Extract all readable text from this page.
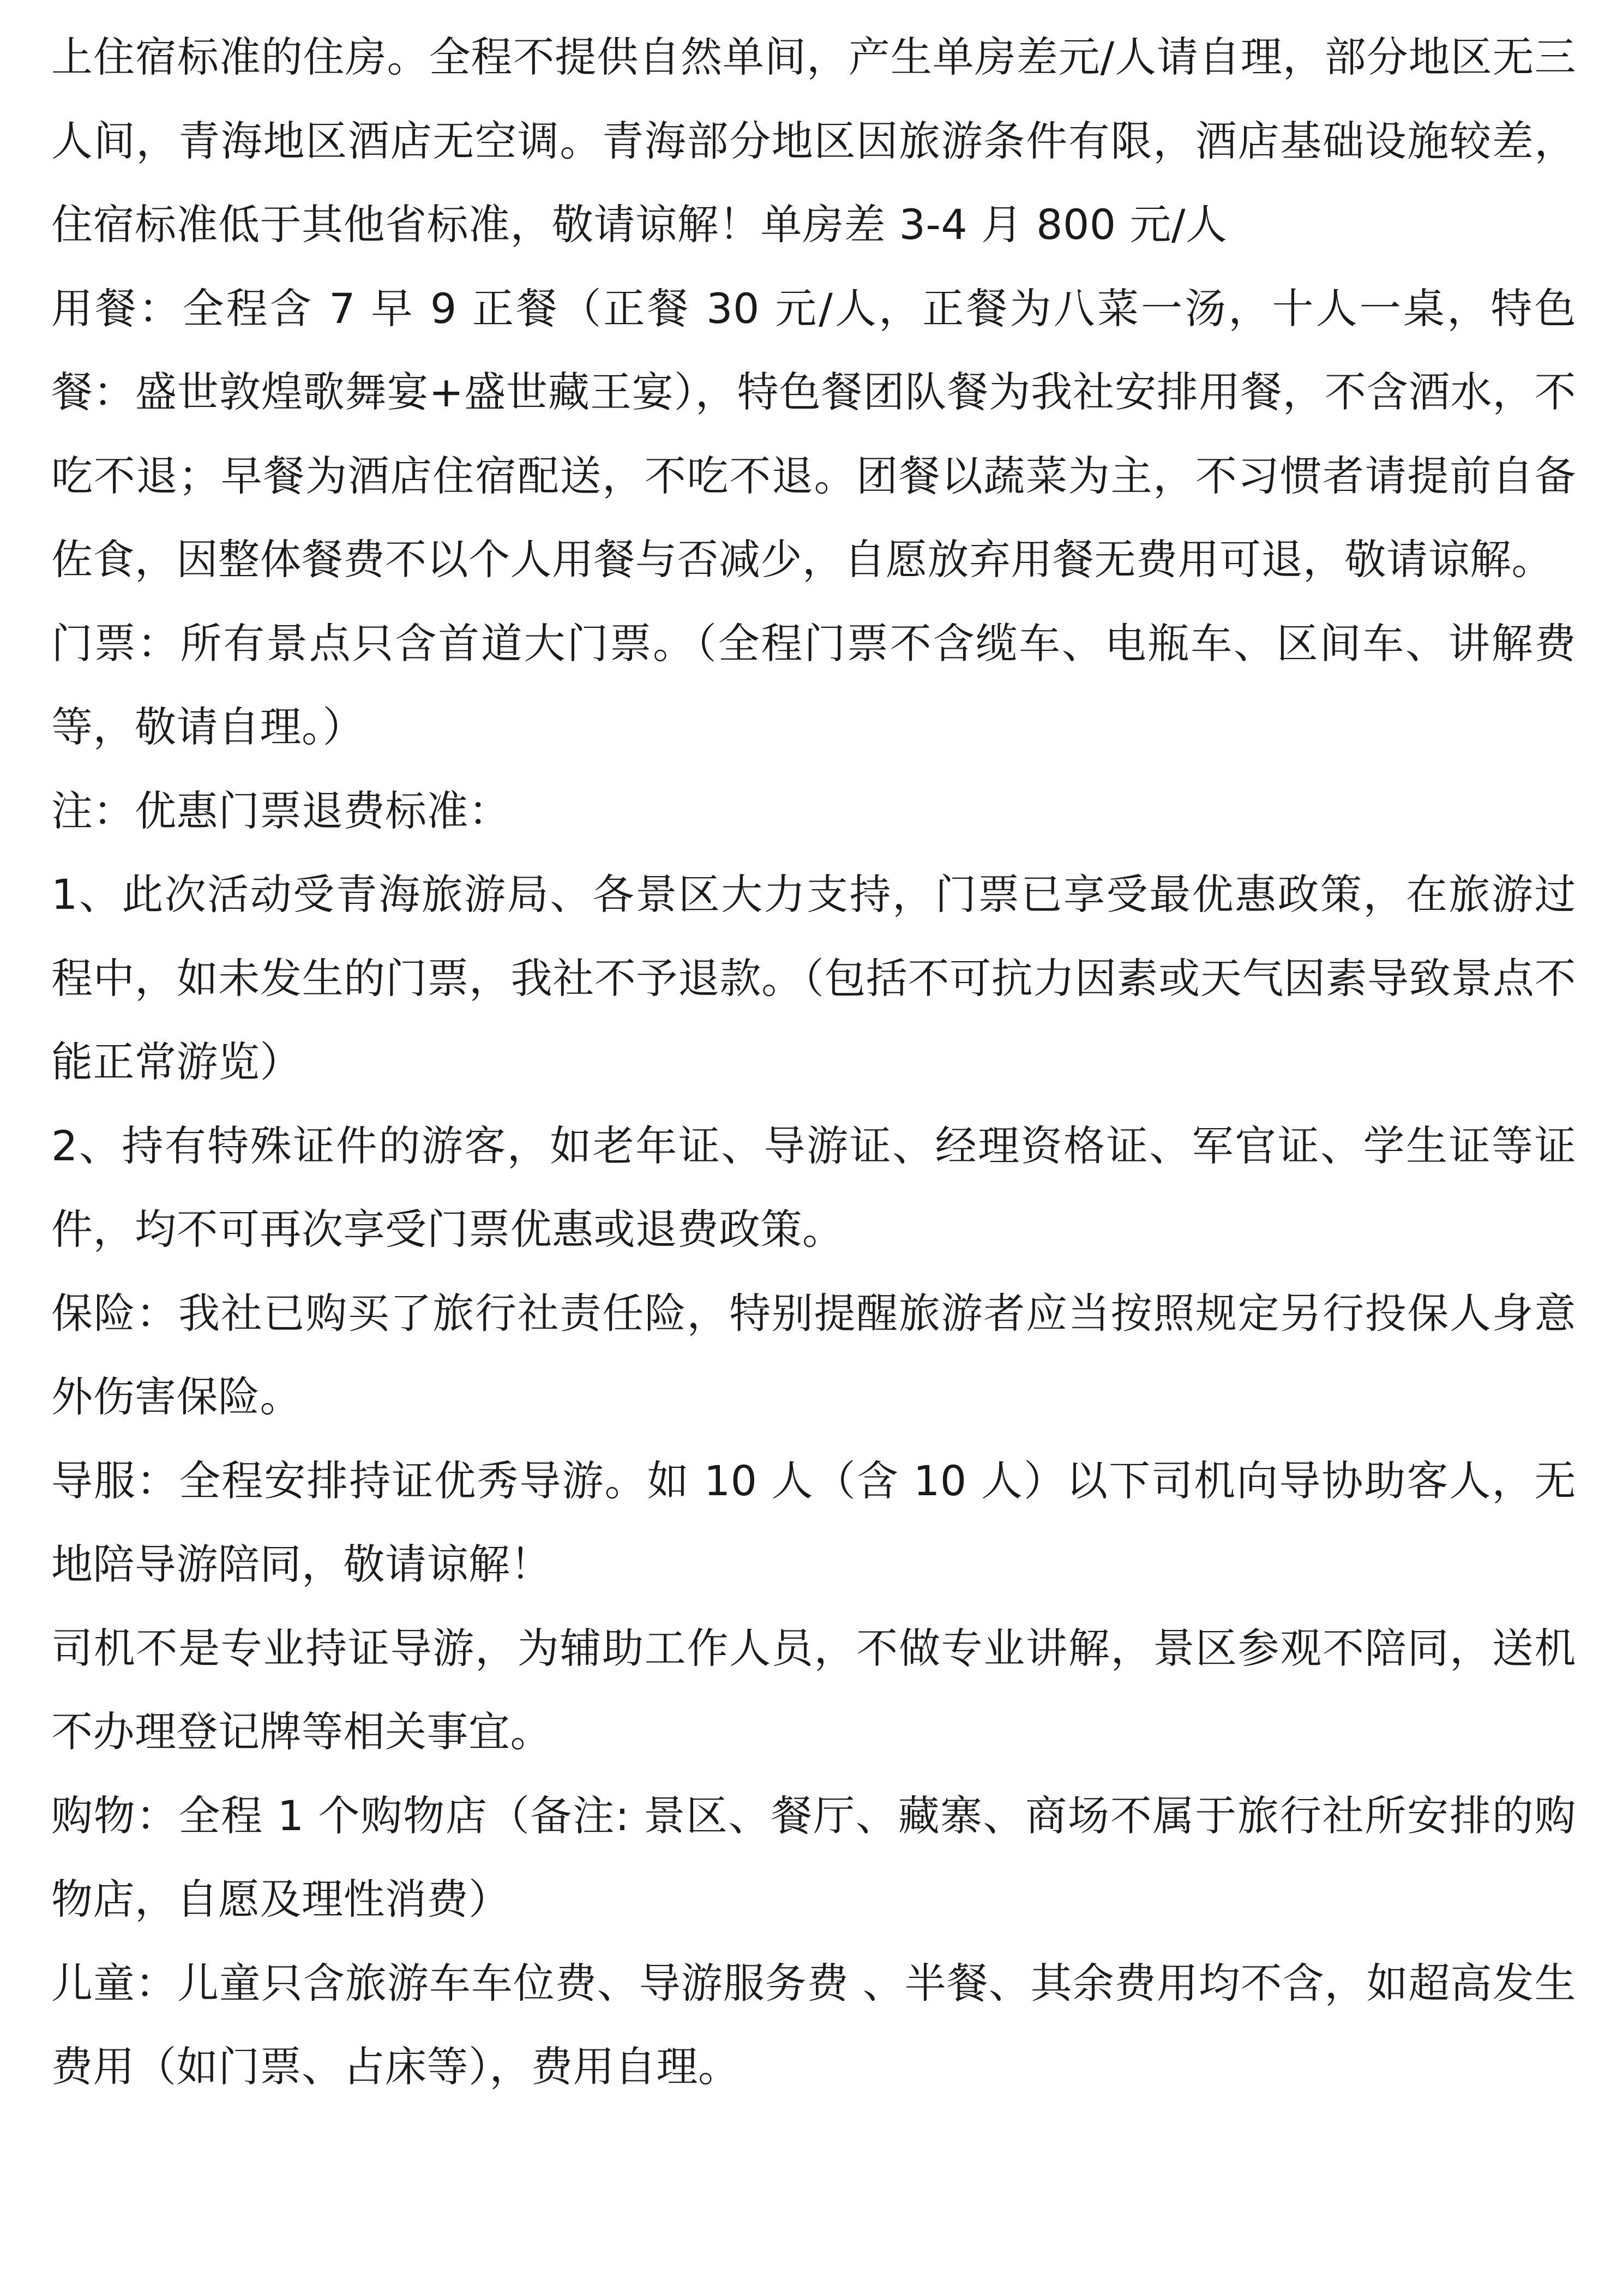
上住宿标准的住房。全程不提供自然单间，产生单房差元/人请自理，部分地区无三人间，青海地区酒店无空调。青海部分地区因旅游条件有限，酒店基础设施较差，住宿标准低于其他省标准，敬请谅解！单房差 3-4 月 800 元/人

用餐：全程含 7 早 9 正餐（正餐 30 元/人，正餐为八菜一汤，十人一桌，特色餐：盛世敦煌歌舞宴+盛世藏王宴），特色餐团队餐为我社安排用餐，不含酒水，不吃不退；早餐为酒店住宿配送，不吃不退。团餐以蔬菜为主，不习惯者请提前自备佐食，因整体餐费不以个人用餐与否减少，自愿放弃用餐无费用可退，敬请谅解。

门票：所有景点只含首道大门票。（全程门票不含缆车、电瓶车、区间车、讲解费等，敬请自理。）

注：优惠门票退费标准：

1、此次活动受青海旅游局、各景区大力支持，门票已享受最优惠政策，在旅游过程中，如未发生的门票，我社不予退款。（包括不可抗力因素或天气因素导致景点不能正常游览）

2、持有特殊证件的游客，如老年证、导游证、经理资格证、军官证、学生证等证件，均不可再次享受门票优惠或退费政策。

保险：我社已购买了旅行社责任险，特别提醒旅游者应当按照规定另行投保人身意外伤害保险。

导服：全程安排持证优秀导游。如 10 人（含 10 人）以下司机向导协助客人，无地陪导游陪同，敬请谅解！

司机不是专业持证导游，为辅助工作人员，不做专业讲解，景区参观不陪同，送机不办理登记牌等相关事宜。

购物：全程 1 个购物店（备注: 景区、餐厅、藏寨、商场不属于旅行社所安排的购物店，自愿及理性消费）

儿童：儿童只含旅游车车位费、导游服务费 、半餐、其余费用均不含，如超高发生费用（如门票、占床等），费用自理。
